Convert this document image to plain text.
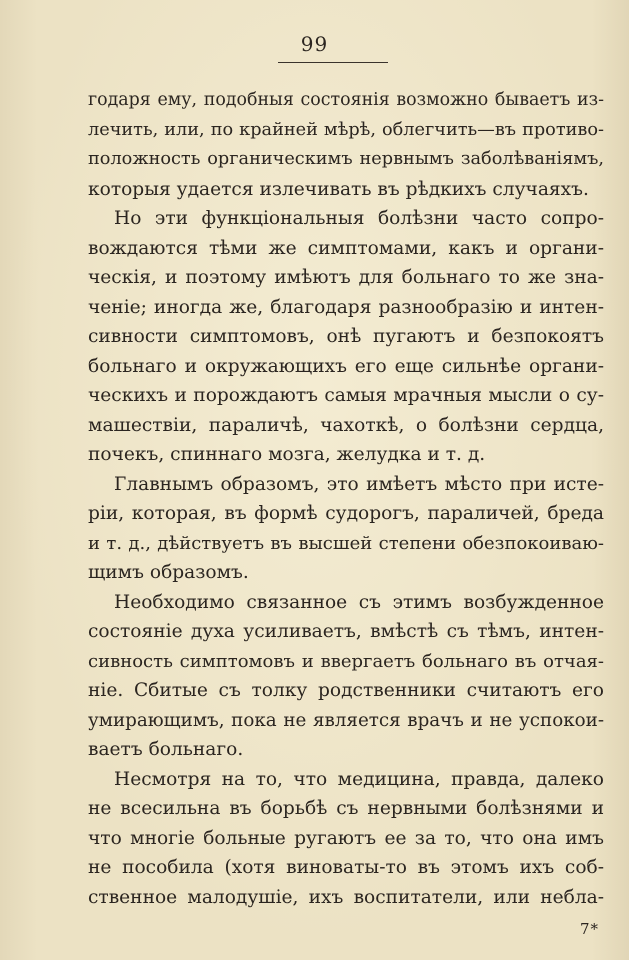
99
годаря ему, подобныя состоянія возможно бываетъ из-
лечить, или, по крайней мѣрѣ, облегчить—въ противо-
положность органическимъ нервнымъ заболѣваніямъ,
которыя удается излечивать въ рѣдкихъ случаяхъ.
Но эти функціональныя болѣзни часто сопро-
вождаются тѣми же симптомами, какъ и органи-
ческія, и поэтому имѣютъ для больнаго то же зна-
ченіе; иногда же, благодаря разнообразію и интен-
сивности симптомовъ, онѣ пугаютъ и безпокоятъ
больнаго и окружающихъ его еще сильнѣе органи-
ческихъ и порождаютъ самыя мрачныя мысли о су-
машествіи, параличѣ, чахоткѣ, о болѣзни сердца,
почекъ, спиннаго мозга, желудка и т. д.
Главнымъ образомъ, это имѣетъ мѣсто при исте-
ріи, которая, въ формѣ судорогъ, параличей, бреда
и т. д., дѣйствуетъ въ высшей степени обезпокоиваю-
щимъ образомъ.
Необходимо связанное съ этимъ возбужденное
состояніе духа усиливаетъ, вмѣстѣ съ тѣмъ, интен-
сивность симптомовъ и ввергаетъ больнаго въ отчая-
ніе. Сбитые съ толку родственники считаютъ его
умирающимъ, пока не является врачъ и не успокои-
ваетъ больнаго.
Несмотря на то, что медицина, правда, далеко
не всесильна въ борьбѣ съ нервными болѣзнями и
что многіе больные ругаютъ ее за то, что она имъ
не пособила (хотя виноваты-то въ этомъ ихъ соб-
ственное малодушіе, ихъ воспитатели, или небла-
7*
